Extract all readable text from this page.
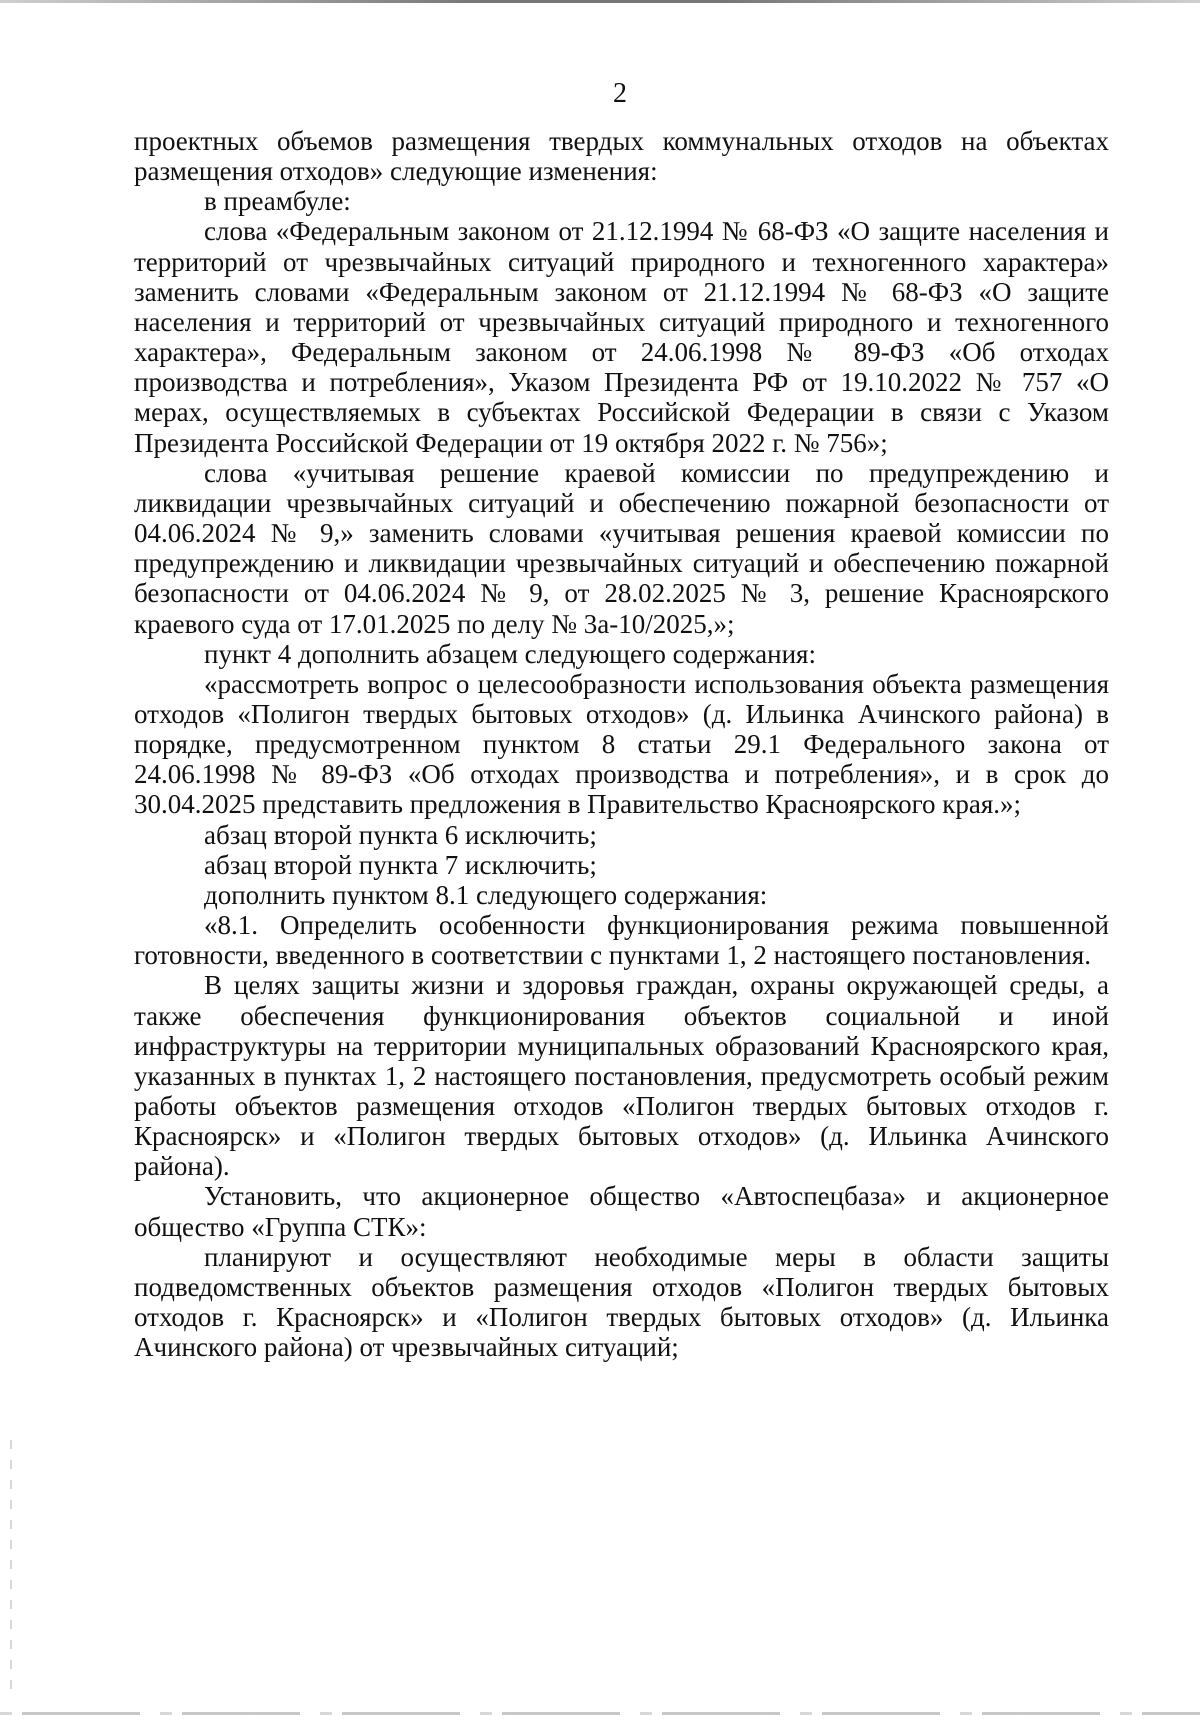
2

проектных объемов размещения твердых коммунальных отходов на объектах размещения отходов» следующие изменения:

в преамбуле:

слова «Федеральным законом от 21.12.1994 № 68-ФЗ «О защите населения и территорий от чрезвычайных ситуаций природного и техногенного характера» заменить словами «Федеральным законом от 21.12.1994 № 68-ФЗ «О защите населения и территорий от чрезвычайных ситуаций природного и техногенного характера», Федеральным законом от 24.06.1998 № 89-ФЗ «Об отходах производства и потребления», Указом Президента РФ от 19.10.2022 № 757 «О мерах, осуществляемых в субъектах Российской Федерации в связи с Указом Президента Российской Федерации от 19 октября 2022 г. № 756»;

слова «учитывая решение краевой комиссии по предупреждению и ликвидации чрезвычайных ситуаций и обеспечению пожарной безопасности от 04.06.2024 № 9,» заменить словами «учитывая решения краевой комиссии по предупреждению и ликвидации чрезвычайных ситуаций и обеспечению пожарной безопасности от 04.06.2024 № 9, от 28.02.2025 № 3, решение Красноярского краевого суда от 17.01.2025 по делу № 3а-10/2025,»;

пункт 4 дополнить абзацем следующего содержания:

«рассмотреть вопрос о целесообразности использования объекта размещения отходов «Полигон твердых бытовых отходов» (д. Ильинка Ачинского района) в порядке, предусмотренном пунктом 8 статьи 29.1 Федерального закона от 24.06.1998 № 89-ФЗ «Об отходах производства и потребления», и в срок до 30.04.2025 представить предложения в Правительство Красноярского края.»;

абзац второй пункта 6 исключить;

абзац второй пункта 7 исключить;

дополнить пунктом 8.1 следующего содержания:

«8.1. Определить особенности функционирования режима повышенной готовности, введенного в соответствии с пунктами 1, 2 настоящего постановления.

В целях защиты жизни и здоровья граждан, охраны окружающей среды, а также обеспечения функционирования объектов социальной и иной инфраструктуры на территории муниципальных образований Красноярского края, указанных в пунктах 1, 2 настоящего постановления, предусмотреть особый режим работы объектов размещения отходов «Полигон твердых бытовых отходов г. Красноярск» и «Полигон твердых бытовых отходов» (д. Ильинка Ачинского района).

Установить, что акционерное общество «Автоспецбаза» и акционерное общество «Группа СТК»:

планируют и осуществляют необходимые меры в области защиты подведомственных объектов размещения отходов «Полигон твердых бытовых отходов г. Красноярск» и «Полигон твердых бытовых отходов» (д. Ильинка Ачинского района) от чрезвычайных ситуаций;
